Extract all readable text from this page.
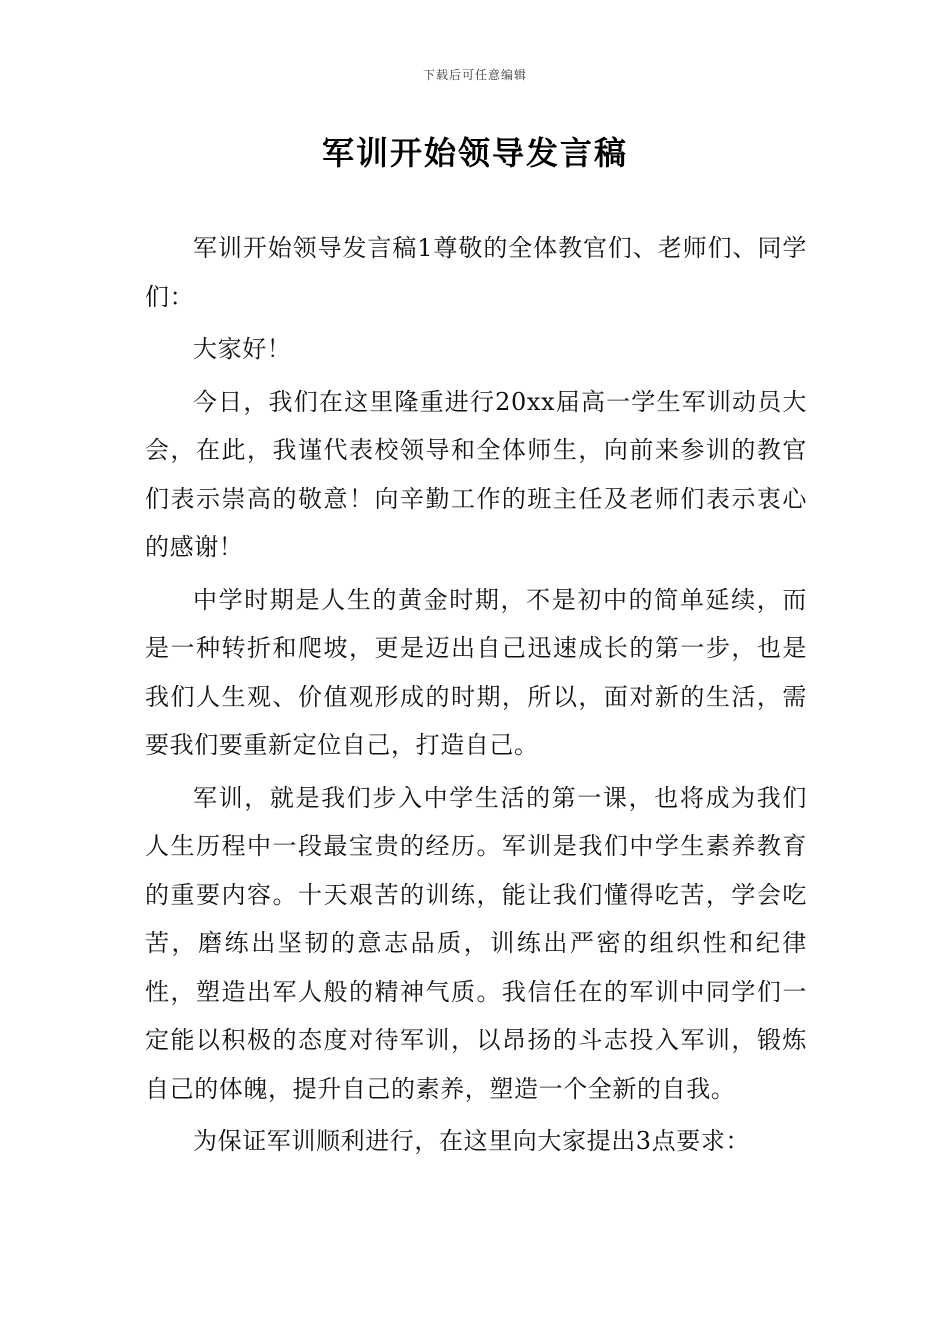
下载后可任意编辑
军训开始领导发言稿

军训开始领导发言稿1尊敬的全体教官们、老师们、同学们：

大家好！

今日，我们在这里隆重进行20xx届高一学生军训动员大会，在此，我谨代表校领导和全体师生，向前来参训的教官们表示崇高的敬意！向辛勤工作的班主任及老师们表示衷心的感谢！

中学时期是人生的黄金时期，不是初中的简单延续，而是一种转折和爬坡，更是迈出自己迅速成长的第一步，也是我们人生观、价值观形成的时期，所以，面对新的生活，需要我们要重新定位自己，打造自己。

军训，就是我们步入中学生活的第一课，也将成为我们人生历程中一段最宝贵的经历。军训是我们中学生素养教育的重要内容。十天艰苦的训练，能让我们懂得吃苦，学会吃苦，磨练出坚韧的意志品质，训练出严密的组织性和纪律性，塑造出军人般的精神气质。我信任在的军训中同学们一定能以积极的态度对待军训，以昂扬的斗志投入军训，锻炼自己的体魄，提升自己的素养，塑造一个全新的自我。

为保证军训顺利进行，在这里向大家提出3点要求：
